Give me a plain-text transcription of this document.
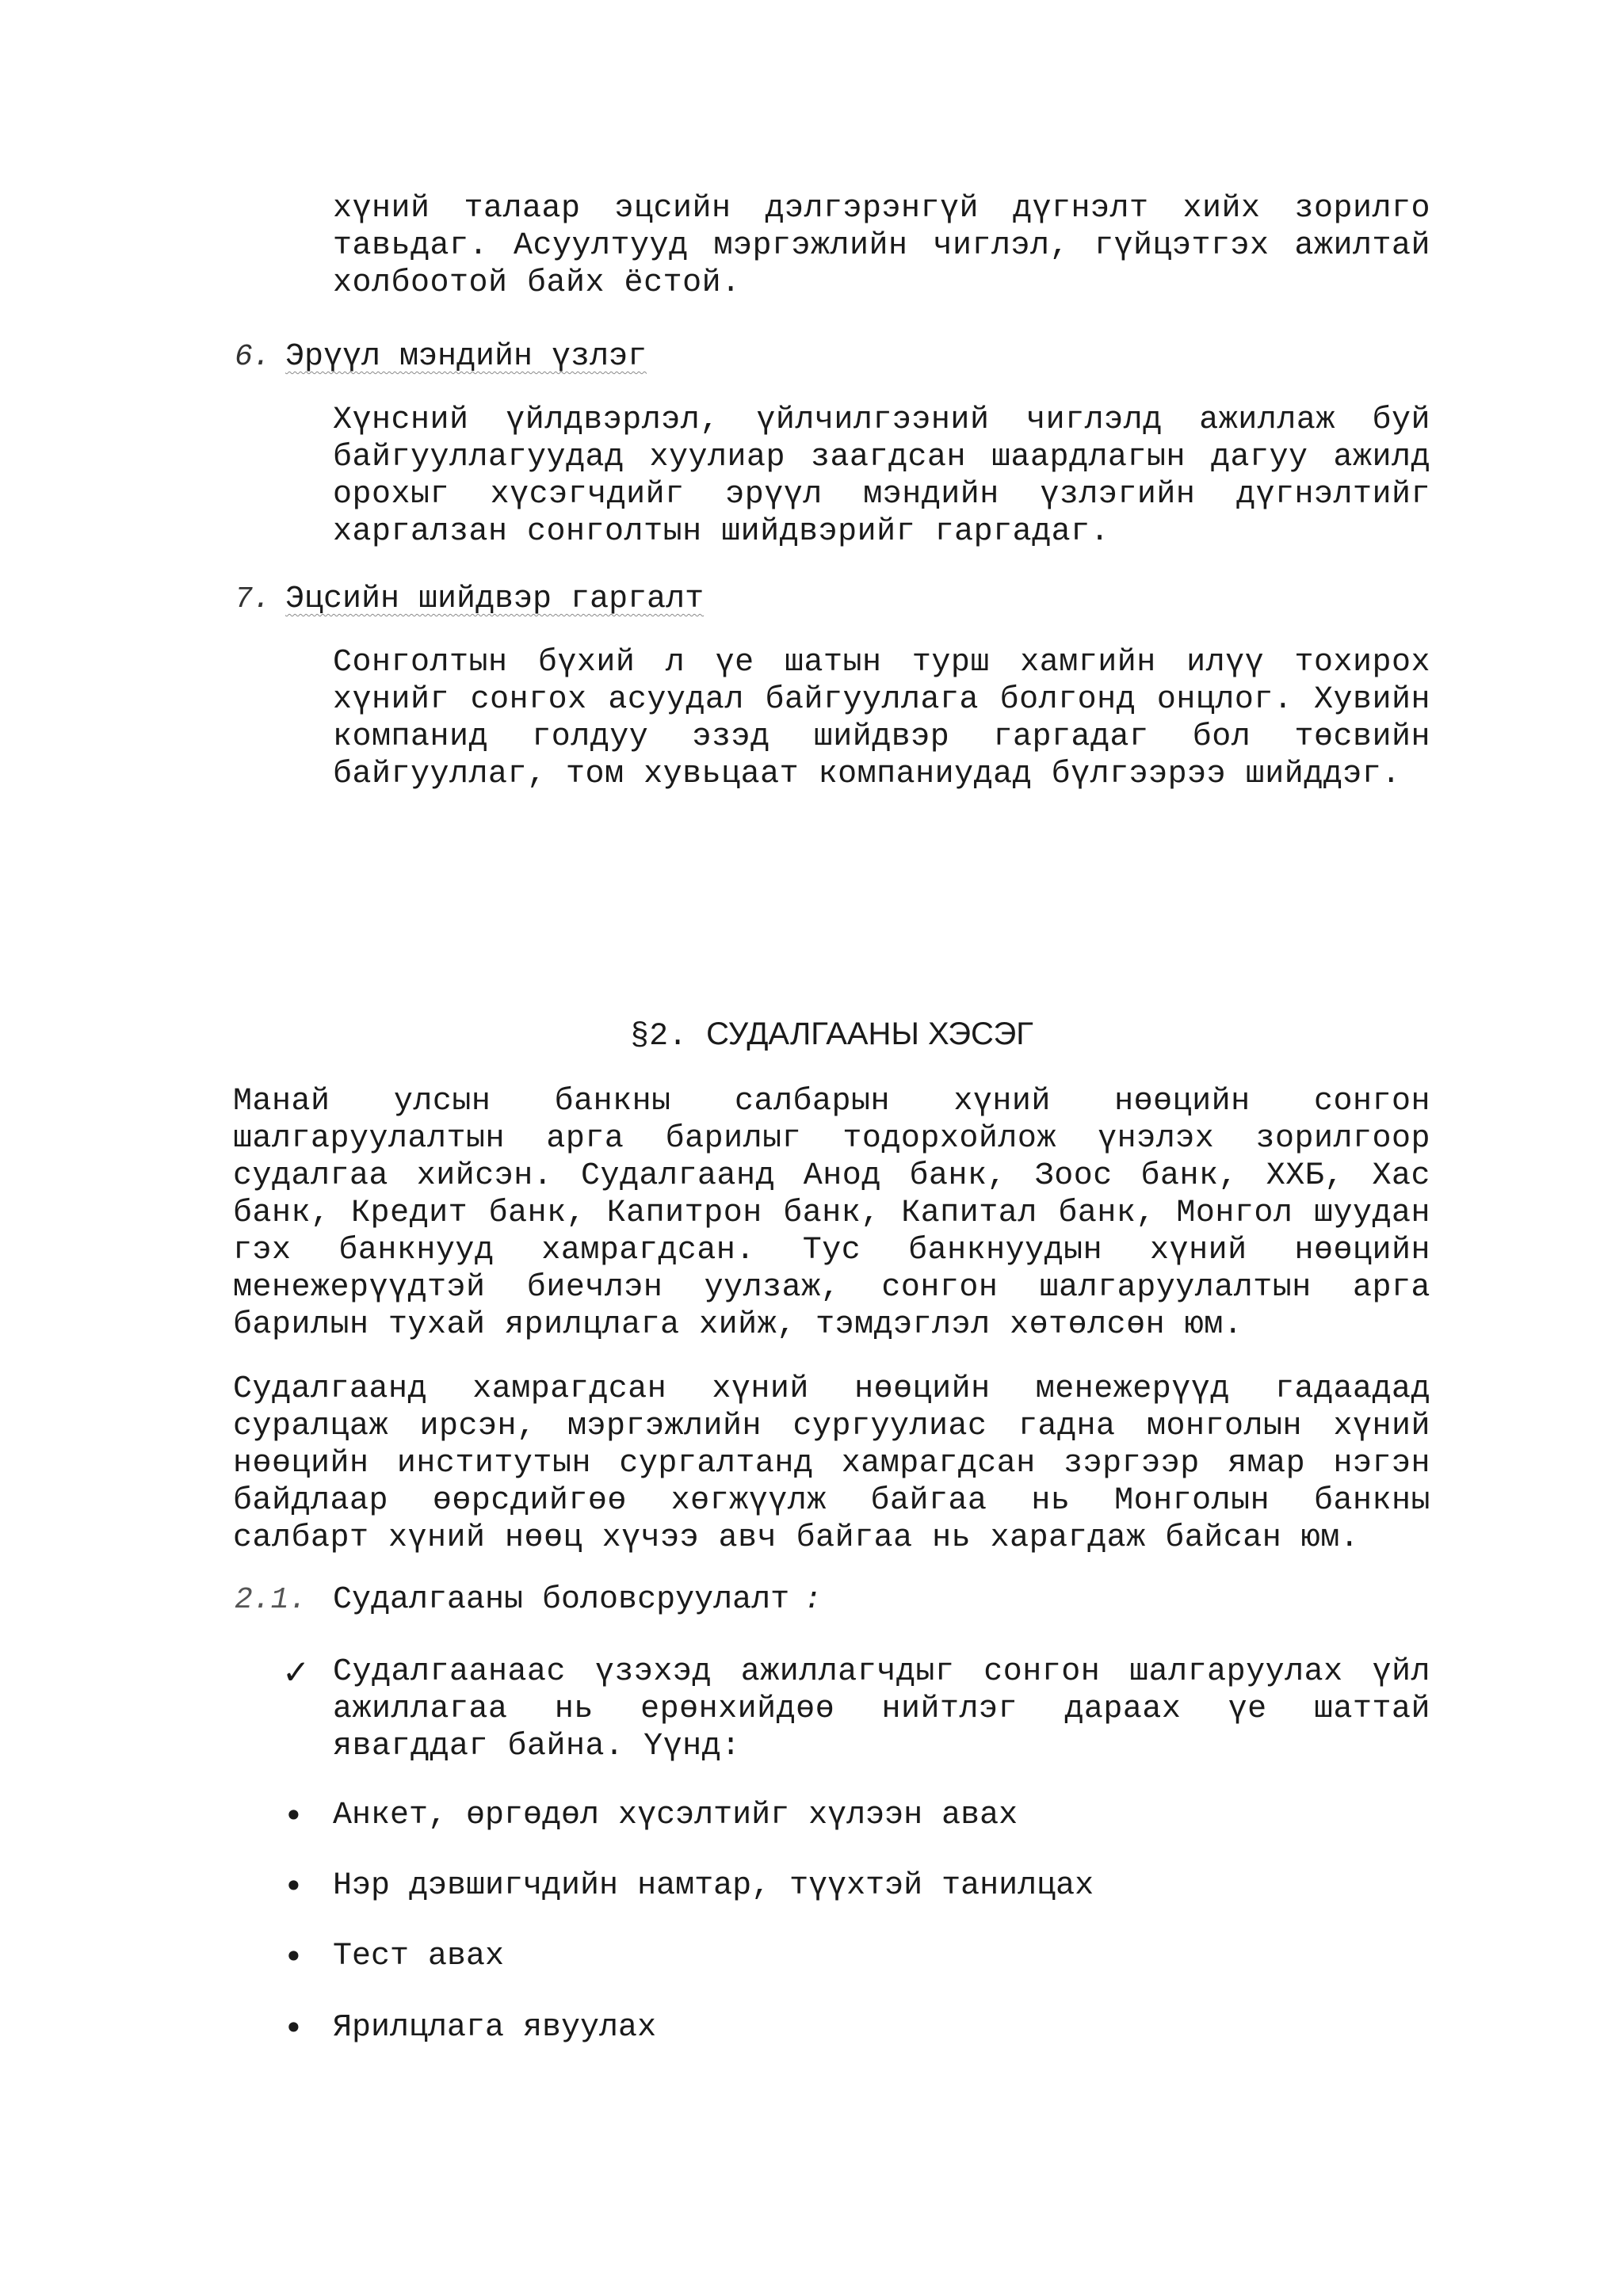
хүний талаар эцсийн дэлгэрэнгүй дүгнэлт хийх зорилго тавьдаг. Асуултууд мэргэжлийн чиглэл, гүйцэтгэх ажилтай холбоотой байх ёстой.

6. Эрүүл мэндийн үзлэг

Хүнсний үйлдвэрлэл, үйлчилгээний чиглэлд ажиллаж буй байгууллагуудад хуулиар заагдсан шаардлагын дагуу ажилд орохыг хүсэгчдийг эрүүл мэндийн үзлэгийн дүгнэлтийг харгалзан сонголтын шийдвэрийг гаргадаг.

7. Эцсийн шийдвэр гаргалт

Сонголтын бүхий л үе шатын турш хамгийн илүү тохирох хүнийг сонгох асуудал байгууллага болгонд онцлог. Хувийн компанид голдуу эзэд шийдвэр гаргадаг бол төсвийн байгууллаг, том хувьцаат компаниудад бүлгээрээ шийддэг.

§2. СУДАЛГААНЫ ХЭСЭГ

Манай улсын банкны салбарын хүний нөөцийн сонгон шалгаруулалтын арга барилыг тодорхойлож үнэлэх зорилгоор судалгаа хийсэн. Судалгаанд Анод банк, Зоос банк, ХХБ, Хас банк, Кредит банк, Капитрон банк, Капитал банк, Монгол шуудан гэх банкнууд хамрагдсан. Тус банкнуудын хүний нөөцийн менежерүүдтэй биечлэн уулзаж, сонгон шалгаруулалтын арга барилын тухай ярилцлага хийж, тэмдэглэл хөтөлсөн юм.

Судалгаанд хамрагдсан хүний нөөцийн менежерүүд гадаадад суралцаж ирсэн, мэргэжлийн сургуулиас гадна монголын хүний нөөцийн институтын сургалтанд хамрагдсан зэргээр ямар нэгэн байдлаар өөрсдийгөө хөгжүүлж байгаа нь Монголын банкны салбарт хүний нөөц хүчээ авч байгаа нь харагдаж байсан юм.

2.1. Судалгааны боловсруулалт :
✓ Судалгаанаас үзэхэд ажиллагчдыг сонгон шалгаруулах үйл ажиллагаа нь ерөнхийдөө нийтлэг дараах үе шаттай явагддаг байна. Үүнд:

• Анкет, өргөдөл хүсэлтийг хүлээн авах
• Нэр дэвшигчдийн намтар, түүхтэй танилцах
• Тест авах
• Ярилцлага явуулах
